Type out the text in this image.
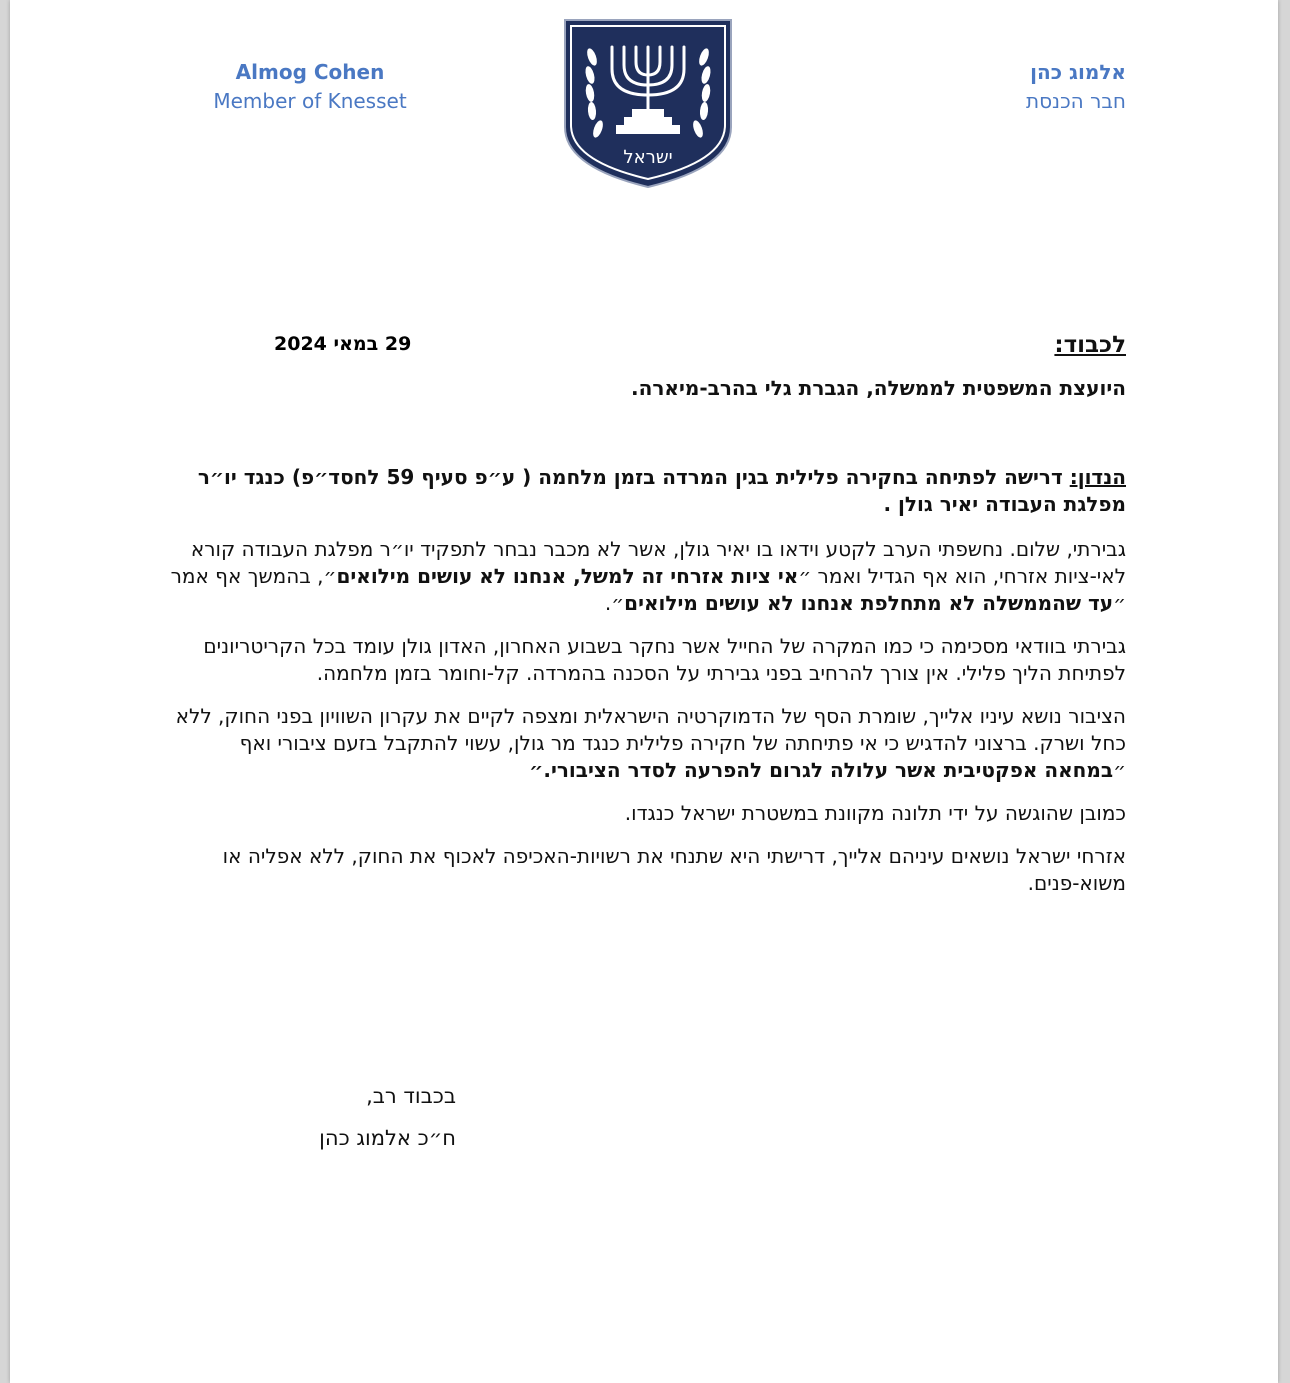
Almog Cohen
Member of Knesset
ישראל
אלמוג כהן
חבר הכנסת
לכבוד:
29 במאי 2024
היועצת המשפטית לממשלה, הגברת גלי בהרב-מיארה.
הנדון: דרישה לפתיחה בחקירה פלילית בגין המרדה בזמן מלחמה ( ע״פ סעיף 59 לחסד״פ) כנגד יו״ר מפלגת העבודה יאיר גולן .

גבירתי, שלום. נחשפתי הערב לקטע וידאו בו יאיר גולן, אשר לא מכבר נבחר לתפקיד יו״ר מפלגת העבודה קורא לאי-ציות אזרחי, הוא אף הגדיל ואמר ״אי ציות אזרחי זה למשל, אנחנו לא עושים מילואים״, בהמשך אף אמר ״עד שהממשלה לא מתחלפת אנחנו לא עושים מילואים״.

גבירתי בוודאי מסכימה כי כמו המקרה של החייל אשר נחקר בשבוע האחרון, האדון גולן עומד בכל הקריטריונים לפתיחת הליך פלילי. אין צורך להרחיב בפני גבירתי על הסכנה בהמרדה. קל-וחומר בזמן מלחמה.

הציבור נושא עיניו אלייך, שומרת הסף של הדמוקרטיה הישראלית ומצפה לקיים את עקרון השוויון בפני החוק, ללא כחל ושרק. ברצוני להדגיש כי אי פתיחתה של חקירה פלילית כנגד מר גולן, עשוי להתקבל בזעם ציבורי ואף ״במחאה אפקטיבית אשר עלולה לגרום להפרעה לסדר הציבורי.״

כמובן שהוגשה על ידי תלונה מקוונת במשטרת ישראל כנגדו.

אזרחי ישראל נושאים עיניהם אלייך, דרישתי היא שתנחי את רשויות-האכיפה לאכוף את החוק, ללא אפליה או משוא-פנים.

בכבוד רב,
ח״כ אלמוג כהן
